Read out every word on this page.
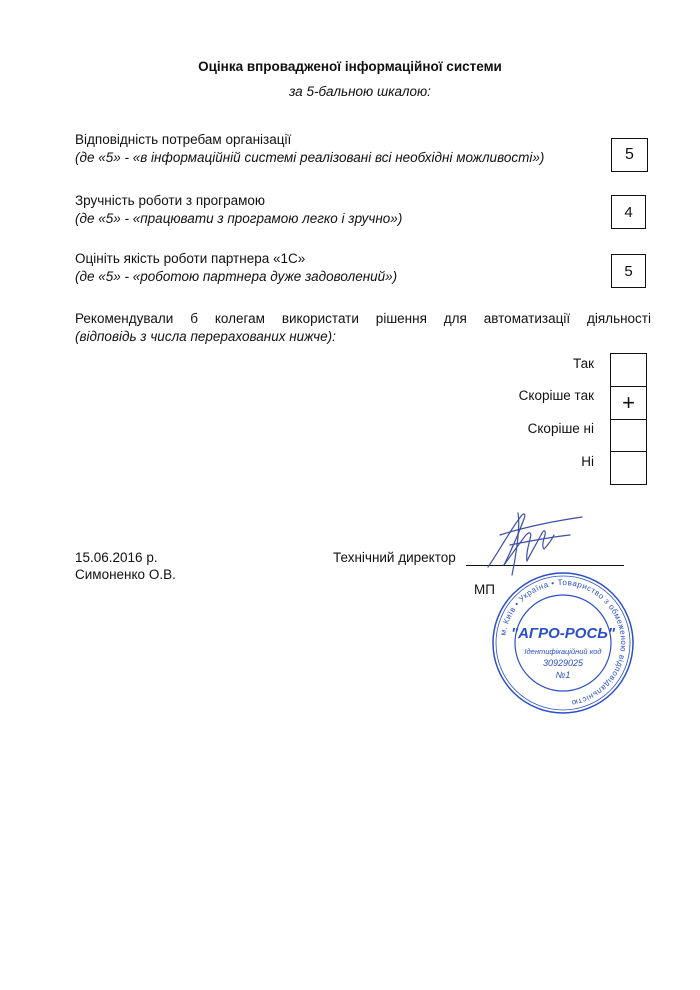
Оцінка впровадженої інформаційної системи
за 5-бальною шкалою:
Відповідність потребам організації
(де «5» - «в інформаційній системі реалізовані всі необхідні можливості»)	5
Зручність роботи з програмою
(де «5» - «працювати з програмою легко і зручно»)	4
Оцініть якість роботи партнера «1С»
(де «5» - «роботою партнера дуже задоволений»)	5
Рекомендували б колегам використати рішення для автоматизації діяльності
(відповідь з числа перерахованих нижче):
Так
Скоріше так	+
Скоріше ні
Ні
15.06.2016 р.
Симоненко О.В.
Технічний директор
МП
м. Київ • Україна • Товариство з обмеженою відповідальністю
"АГРО-РОСЬ"
Ідентифікаційний код
30929025
№1
